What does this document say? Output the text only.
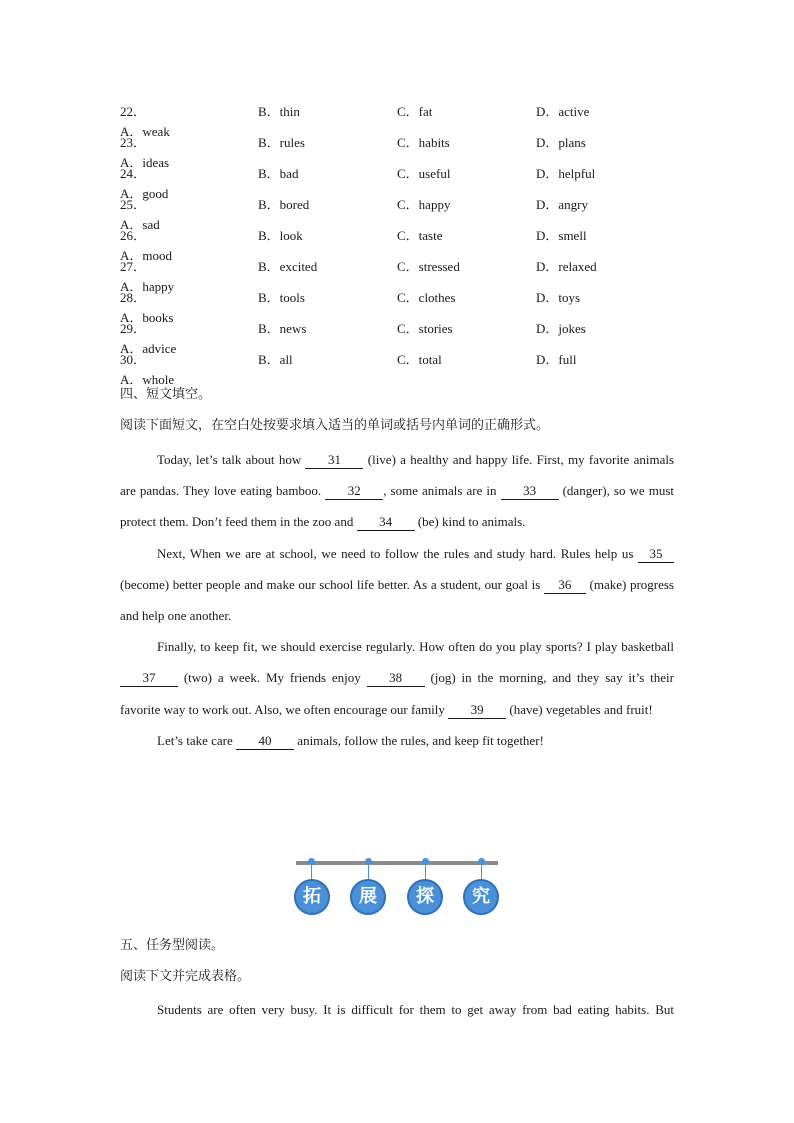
22．
A．weak
B．thin	C．fat	D．active
23．
A．ideas
B．rules	C．habits	D．plans
24．
A．good
B．bad	C．useful	D．helpful
25．
A．sad
B．bored	C．happy	D．angry
26．
A．mood
B．look	C．taste	D．smell
27．
A．happy
B．excited	C．stressed	D．relaxed
28．
A．books
B．tools	C．clothes	D．toys
29．
A．advice
B．news	C．stories	D．jokes
30．
A．whole
B．all	C．total	D．full
四、短文填空。
阅读下面短文，在空白处按要求填入适当的单词或括号内单词的正确形式。

Today, let’s talk about how 31 (live) a healthy and happy life. First, my favorite animals are pandas. They love eating bamboo. 32 , some animals are in 33 (danger), so we must protect them. Don’t feed them in the zoo and 34 (be) kind to animals.

Next, When we are at school, we need to follow the rules and study hard. Rules help us 35 (become) better people and make our school life better. As a student, our goal is 36 (make) progress and help one another.

Finally, to keep fit, we should exercise regularly. How often do you play sports? I play basketball 37 (two) a week. My friends enjoy 38 (jog) in the morning, and they say it’s their favorite way to work out. Also, we often encourage our family 39 (have) vegetables and fruit!

Let’s take care 40 animals, follow the rules, and keep fit together!

拓	展	探	究
五、任务型阅读。
阅读下文并完成表格。

Students are often very busy. It is difficult for them to get away from bad eating habits. But
